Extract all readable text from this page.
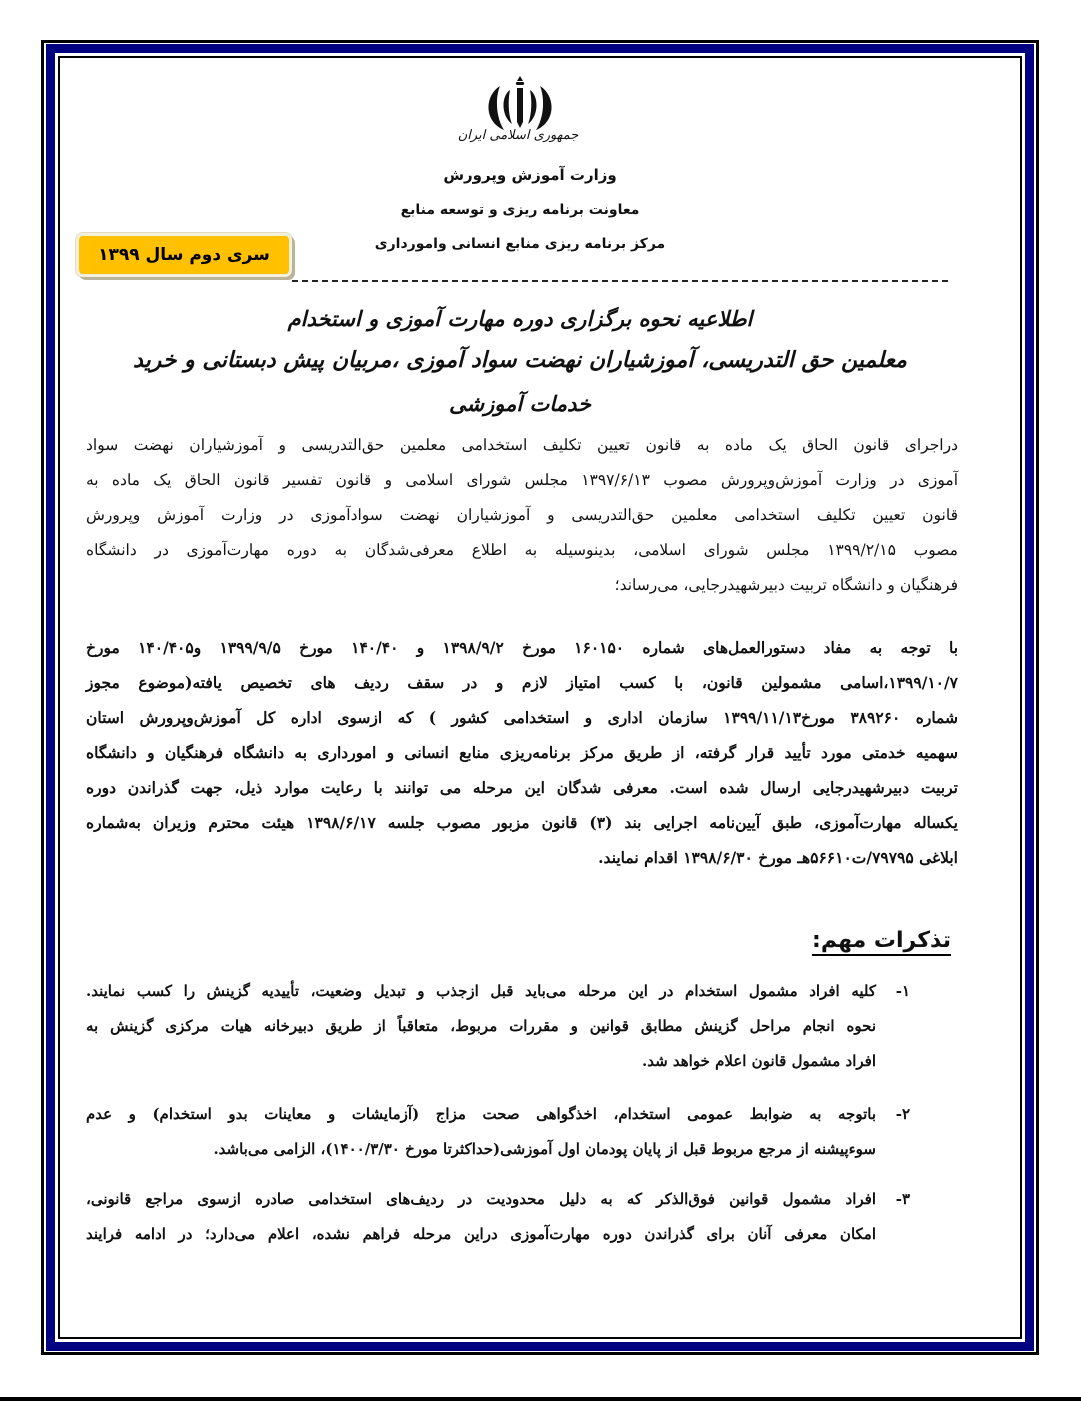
جمهوری اسلامی ایران
وزارت آموزش وپرورش
معاونت برنامه ریزی و توسعه منابع
مرکز برنامه ریزی منابع انسانی وامورداری
سری دوم سال ۱۳۹۹
اطلاعیه نحوه برگزاری دوره مهارت آموزی و استخدام
معلمین حق التدریسی، آموزشیاران نهضت سواد آموزی ،مربیان پیش دبستانی و خرید
خدمات آموزشی
دراجرای قانون الحاق یک ماده به قانون تعیین تکلیف استخدامی معلمین حق‌التدریسی و آموزشیاران نهضت سواد
آموزی در وزارت آموزش‌وپرورش مصوب ۱۳۹۷/۶/۱۳ مجلس شورای اسلامی و قانون تفسیر قانون الحاق یک ماده به
قانون تعیین تکلیف استخدامی معلمین حق‌التدریسی و آموزشیاران نهضت سوادآموزی در وزارت آموزش وپرورش
مصوب ۱۳۹۹/۲/۱۵ مجلس شورای اسلامی، بدینوسیله به اطلاع معرفی‌شدگان به دوره مهارت‌آموزی در دانشگاه
فرهنگیان و دانشگاه تربیت دبیرشهیدرجایی، می‌رساند؛
با توجه به مفاد دستورالعمل‌های شماره ۱۶۰۱۵۰ مورخ ۱۳۹۸/۹/۲ و ۱۴۰/۴۰ مورخ ۱۳۹۹/۹/۵ و۱۴۰/۴۰۵ مورخ
۱۳۹۹/۱۰/۷،اسامی مشمولین قانون، با کسب امتیاز لازم و در سقف ردیف های تخصیص یافته(موضوع مجوز
شماره ۳۸۹۲۶۰ مورخ۱۳۹۹/۱۱/۱۳ سازمان اداری و استخدامی کشور ) که ازسوی اداره کل آموزش‌وپرورش استان
سهمیه خدمتی مورد تأیید قرار گرفته، از طریق مرکز برنامه‌ریزی منابع انسانی و امورداری به دانشگاه فرهنگیان و دانشگاه
تربیت دبیرشهیدرجایی ارسال شده است. معرفی شدگان این مرحله می توانند با رعایت موارد ذیل، جهت گذراندن دوره
یکساله مهارت‌آموزی، طبق آیین‌نامه اجرایی بند (۳) قانون مزبور مصوب جلسه ۱۳۹۸/۶/۱۷ هیئت محترم وزیران به‌شماره
ابلاغی ۷۹۷۹۵/ت۵۶۶۱۰هـ مورخ ۱۳۹۸/۶/۳۰ اقدام نمایند.
تذکرات مهم:
۱-
کلیه افراد مشمول استخدام در این مرحله می‌باید قبل ازجذب و تبدیل وضعیت، تأییدیه گزینش را کسب نمایند.
نحوه انجام مراحل گزینش مطابق قوانین و مقررات مربوط، متعاقباً از طریق دبیرخانه هیات مرکزی گزینش به
افراد مشمول قانون اعلام خواهد شد.
۲-
باتوجه به ضوابط عمومی استخدام، اخذگواهی صحت مزاج (آزمایشات و معاینات بدو استخدام) و عدم
سوءپیشنه از مرجع مربوط قبل از پایان پودمان اول آموزشی(حداکثرتا مورخ ۱۴۰۰/۳/۳۰)، الزامی می‌باشد.
۳-
افراد مشمول قوانین فوق‌الذکر که به دلیل محدودیت در ردیف‌های استخدامی صادره ازسوی مراجع قانونی،
امکان معرفی آنان برای گذراندن دوره مهارت‌آموزی دراین مرحله فراهم نشده، اعلام می‌دارد؛ در ادامه فرایند
